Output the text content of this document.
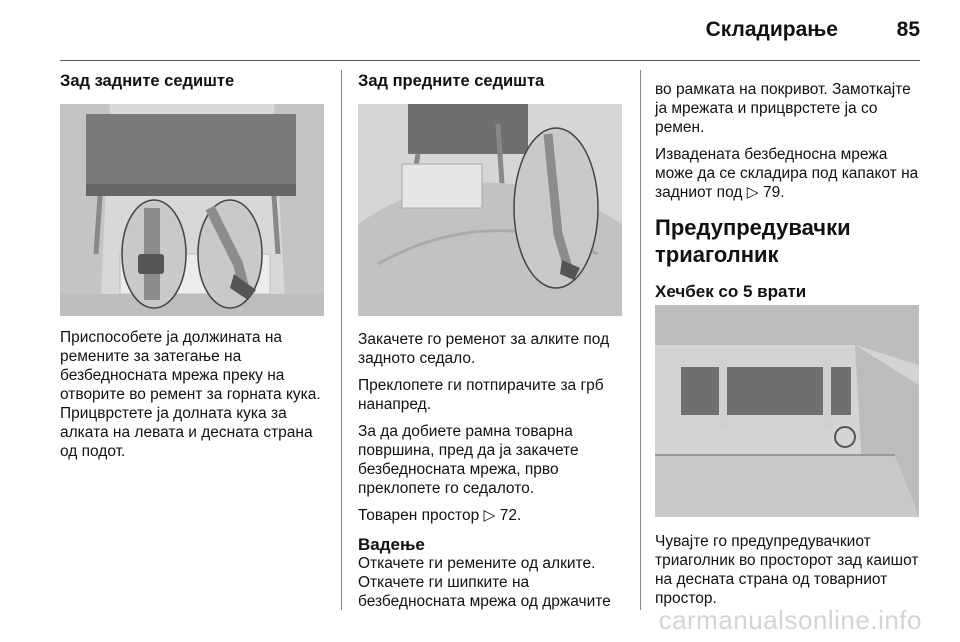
Складирање	85
Зад задните седиште

Приспособете ја должината на ремените за затегање на безбедносната мрежа преку на отворите во ремент за горната кука. Прицврстете ја долната кука за алката на левата и десната страна од подот.

Зад предните седишта

Закачете го ременот за алките под задното седало.

Преклопете ги потпирачите за грб нанапред.

За да добиете рамна товарна површина, пред да ја закачете безбедносната мрежа, прво преклопете го седалото.

Товарен простор ▷ 72.

Вадење

Откачете ги ремените од алките. Откачете ги шипките на безбедносната мрежа од држачите

во рамката на покривот. Замоткајте ја мрежата и прицврстете ја со ремен.

Извадената безбедносна мрежа може да се складира под капакот на задниот под ▷ 79.

Предупредувачки триаголник
Хечбек со 5 врати

Чувајте го предупредувачкиот триаголник во просторот зад каишот на десната страна од товарниот простор.

carmanualsonline.info
